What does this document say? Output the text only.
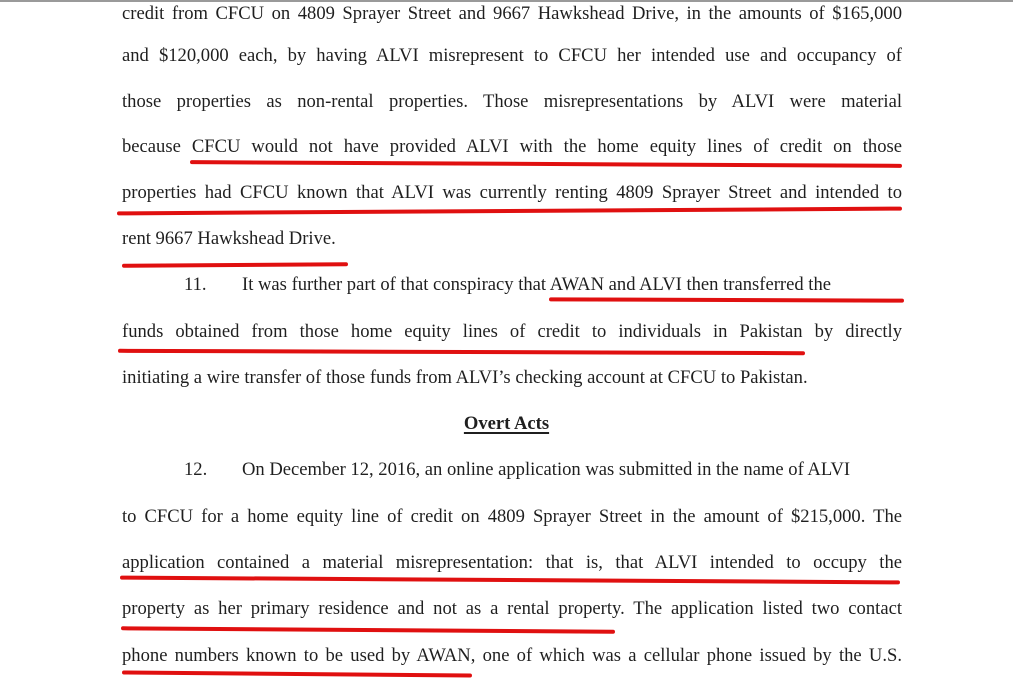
credit from CFCU on 4809 Sprayer Street and 9667 Hawkshead Drive, in the amounts of $165,000
and $120,000 each, by having ALVI misrepresent to CFCU her intended use and occupancy of
those properties as non-rental properties. Those misrepresentations by ALVI were material
because CFCU would not have provided ALVI with the home equity lines of credit on those
properties had CFCU known that ALVI was currently renting 4809 Sprayer Street and intended to
rent 9667 Hawkshead Drive.
11. It was further part of that conspiracy that AWAN and ALVI then transferred the
funds obtained from those home equity lines of credit to individuals in Pakistan by directly
initiating a wire transfer of those funds from ALVI’s checking account at CFCU to Pakistan.
Overt Acts
12. On December 12, 2016, an online application was submitted in the name of ALVI
to CFCU for a home equity line of credit on 4809 Sprayer Street in the amount of $215,000. The
application contained a material misrepresentation: that is, that ALVI intended to occupy the
property as her primary residence and not as a rental property. The application listed two contact
phone numbers known to be used by AWAN, one of which was a cellular phone issued by the U.S.
